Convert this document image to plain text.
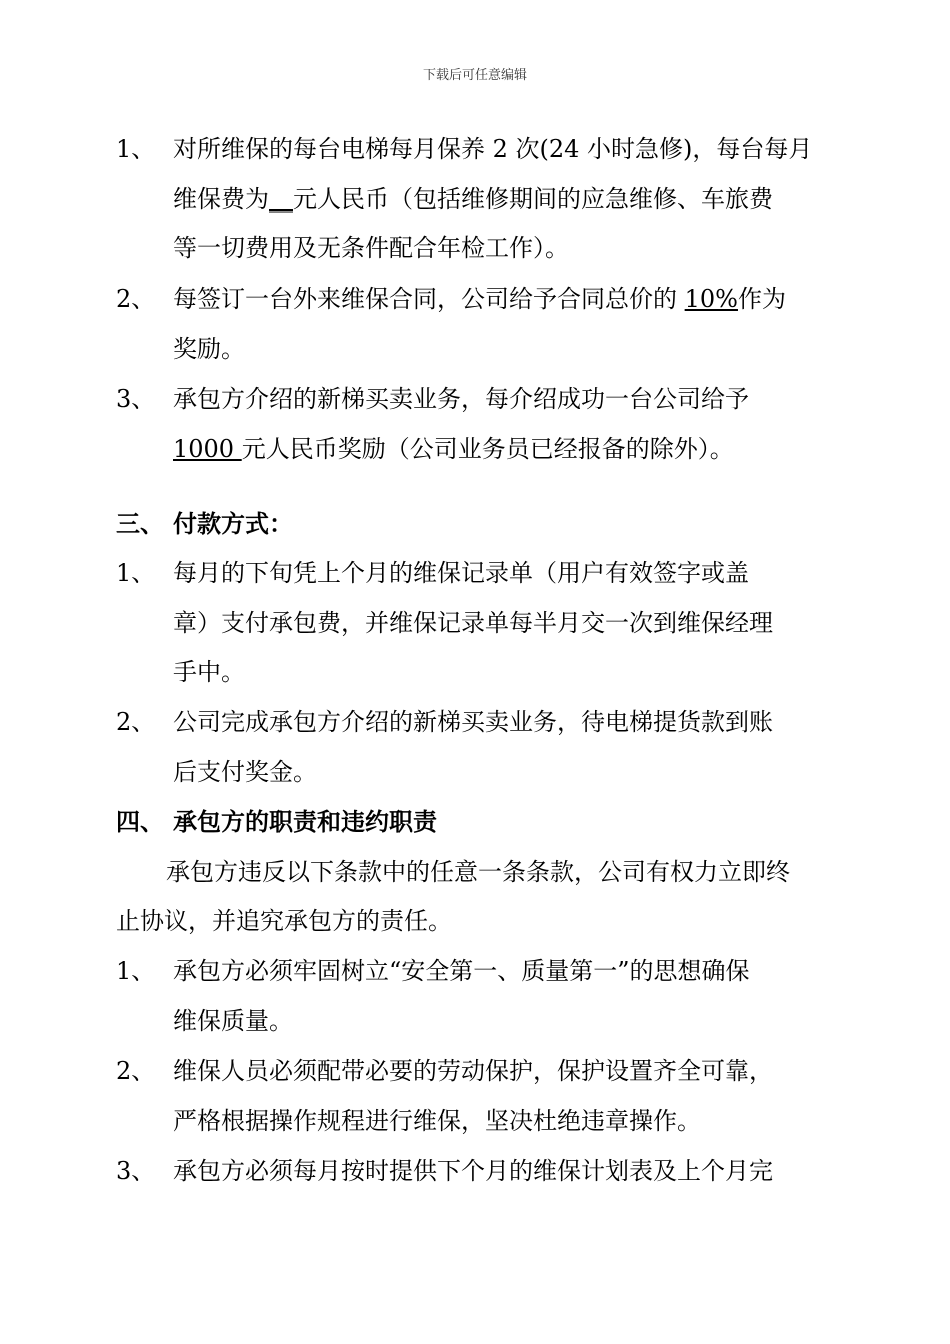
下载后可任意编辑
1、 对所维保的每台电梯每月保养 2 次(24 小时急修)，每台每月
维保费为__元人民币（包括维修期间的应急维修、车旅费
等一切费用及无条件配合年检工作）。
2、 每签订一台外来维保合同，公司给予合同总价的 10%作为
奖励。
3、 承包方介绍的新梯买卖业务，每介绍成功一台公司给予
1000 元人民币奖励（公司业务员已经报备的除外）。
三、 付款方式：
1、 每月的下旬凭上个月的维保记录单（用户有效签字或盖
章）支付承包费，并维保记录单每半月交一次到维保经理
手中。
2、 公司完成承包方介绍的新梯买卖业务，待电梯提货款到账
后支付奖金。
四、 承包方的职责和违约职责
承包方违反以下条款中的任意一条条款，公司有权力立即终
止协议，并追究承包方的责任。
1、 承包方必须牢固树立“安全第一、质量第一”的思想确保
维保质量。
2、 维保人员必须配带必要的劳动保护，保护设置齐全可靠，
严格根据操作规程进行维保，坚决杜绝违章操作。
3、 承包方必须每月按时提供下个月的维保计划表及上个月完
